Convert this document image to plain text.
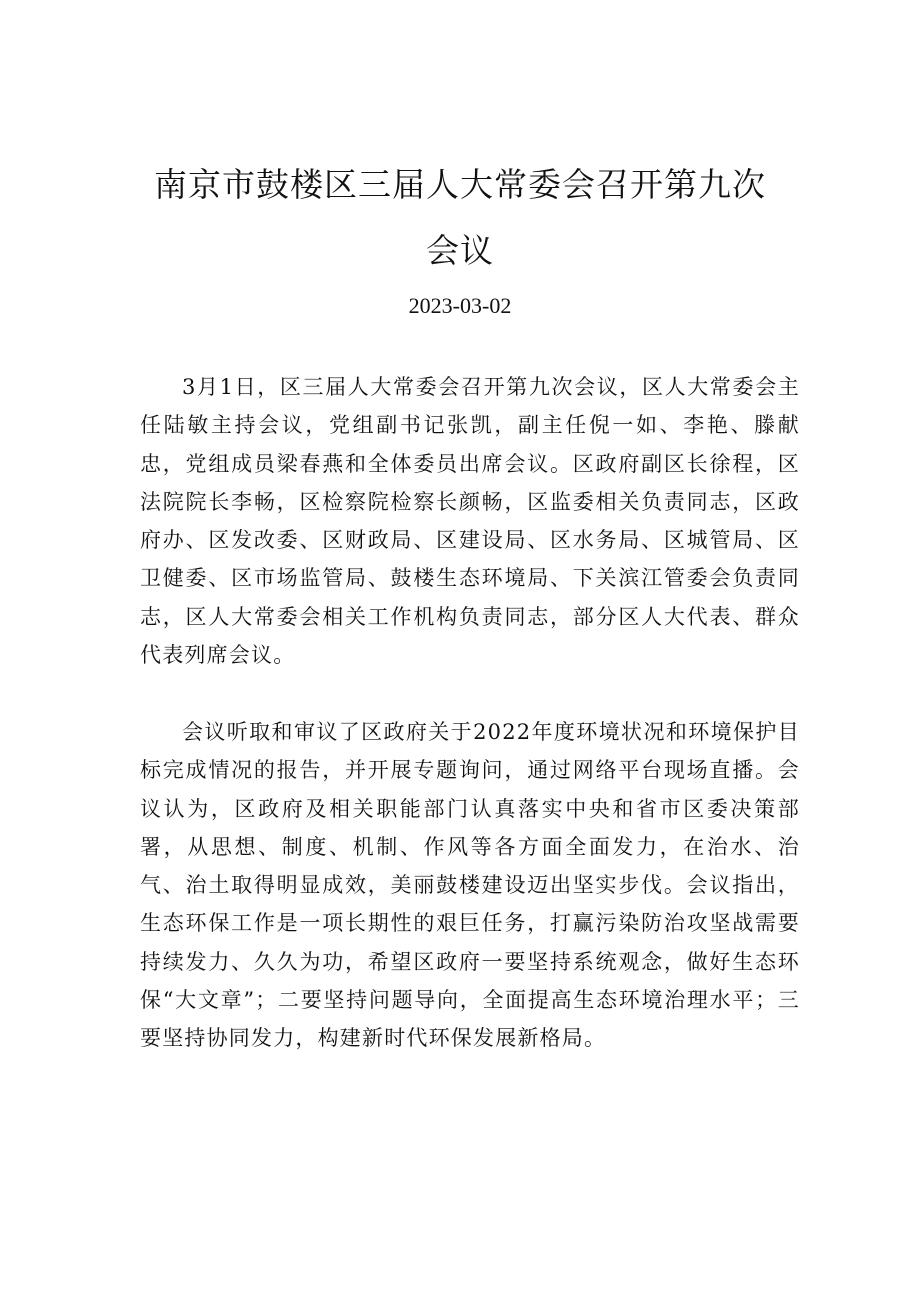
南京市鼓楼区三届人大常委会召开第九次
会议
2023-03-02

3月1日，区三届人大常委会召开第九次会议，区人大常委会主任陆敏主持会议，党组副书记张凯，副主任倪一如、李艳、滕献忠，党组成员梁春燕和全体委员出席会议。区政府副区长徐程，区法院院长李畅，区检察院检察长颜畅，区监委相关负责同志，区政府办、区发改委、区财政局、区建设局、区水务局、区城管局、区卫健委、区市场监管局、鼓楼生态环境局、下关滨江管委会负责同志，区人大常委会相关工作机构负责同志，部分区人大代表、群众代表列席会议。

会议听取和审议了区政府关于2022年度环境状况和环境保护目标完成情况的报告，并开展专题询问，通过网络平台现场直播。会议认为，区政府及相关职能部门认真落实中央和省市区委决策部署，从思想、制度、机制、作风等各方面全面发力，在治水、治气、治土取得明显成效，美丽鼓楼建设迈出坚实步伐。会议指出，生态环保工作是一项长期性的艰巨任务，打赢污染防治攻坚战需要持续发力、久久为功，希望区政府一要坚持系统观念，做好生态环保“大文章”；二要坚持问题导向，全面提高生态环境治理水平；三要坚持协同发力，构建新时代环保发展新格局。
